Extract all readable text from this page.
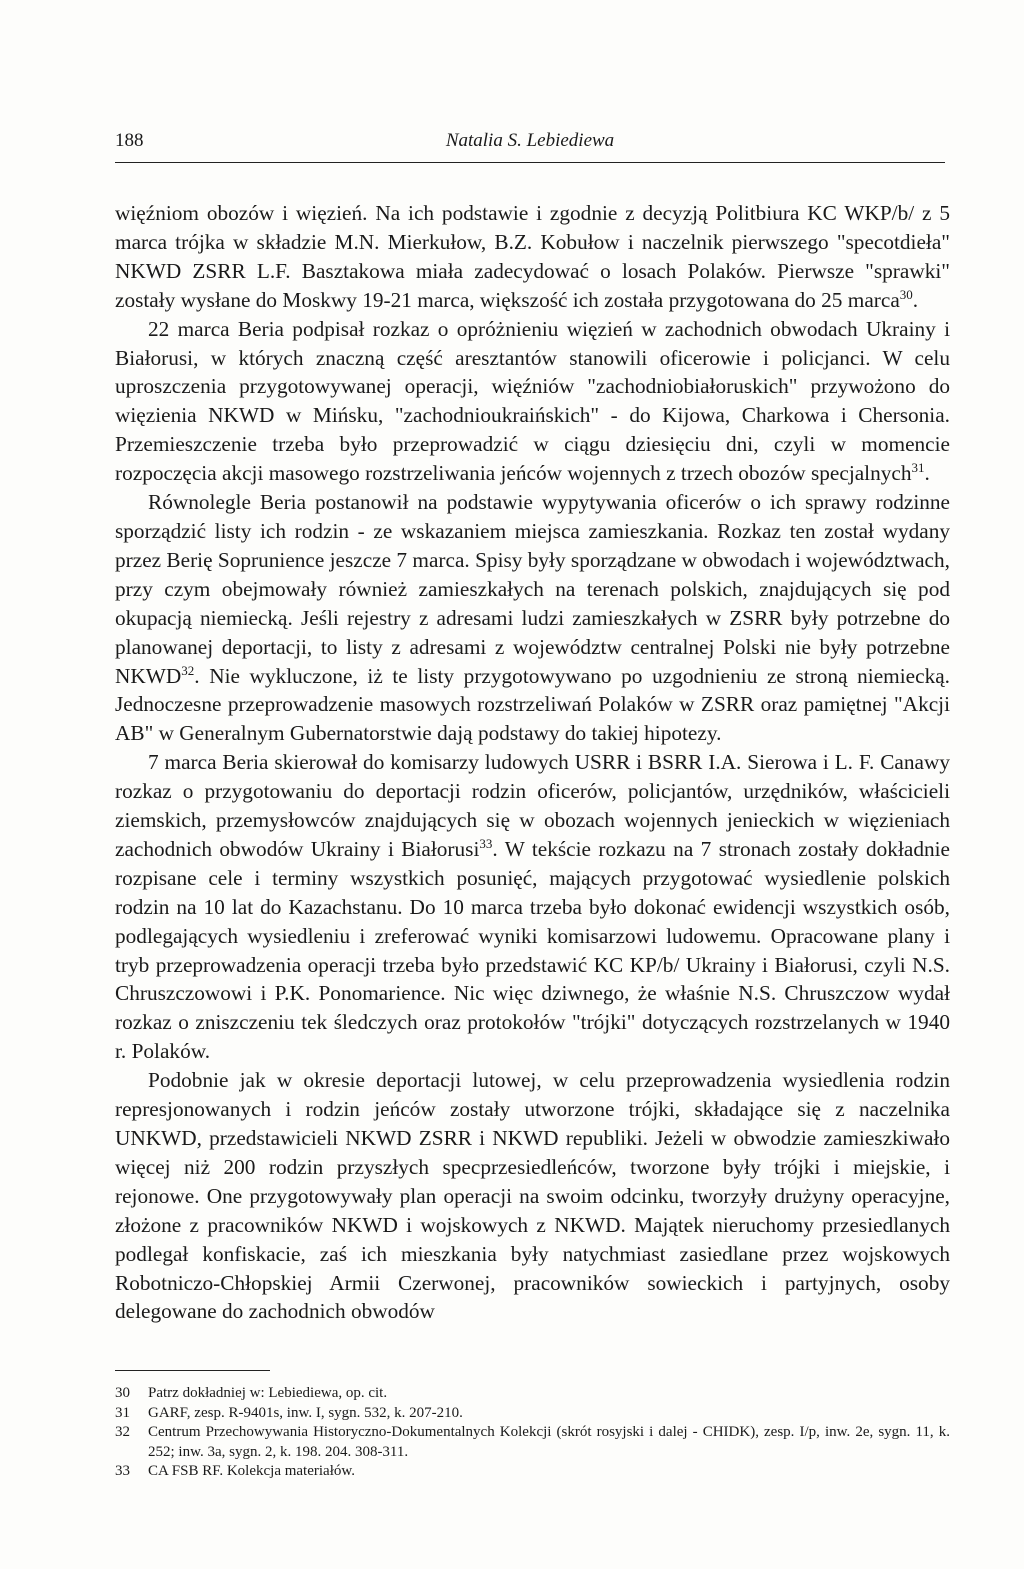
188	Natalia S. Lebiediewa

więźniom obozów i więzień. Na ich podstawie i zgodnie z decyzją Politbiura KC WKP/b/ z 5 marca trójka w składzie M.N. Mierkułow, B.Z. Kobułow i naczelnik pierwszego "specotdieła" NKWD ZSRR L.F. Basztakowa miała zadecydować o losach Polaków. Pierwsze "sprawki" zostały wysłane do Moskwy 19-21 marca, większość ich została przygotowana do 25 marca$^{30}$.

22 marca Beria podpisał rozkaz o opróżnieniu więzień w zachodnich obwodach Ukrainy i Białorusi, w których znaczną część aresztantów stanowili oficerowie i policjanci. W celu uproszczenia przygotowywanej operacji, więźniów "zachodniobiałoruskich" przywożono do więzienia NKWD w Mińsku, "zachodnioukraińskich" - do Kijowa, Charkowa i Chersonia. Przemieszczenie trzeba było przeprowadzić w ciągu dziesięciu dni, czyli w momencie rozpoczęcia akcji masowego rozstrzeliwania jeńców wojennych z trzech obozów specjalnych$^{31}$.

Równolegle Beria postanowił na podstawie wypytywania oficerów o ich sprawy rodzinne sporządzić listy ich rodzin - ze wskazaniem miejsca zamieszkania. Rozkaz ten został wydany przez Berię Soprunience jeszcze 7 marca. Spisy były sporządzane w obwodach i województwach, przy czym obejmowały również zamieszkałych na terenach polskich, znajdujących się pod okupacją niemiecką. Jeśli rejestry z adresami ludzi zamieszkałych w ZSRR były potrzebne do planowanej deportacji, to listy z adresami z województw centralnej Polski nie były potrzebne NKWD$^{32}$. Nie wykluczone, iż te listy przygotowywano po uzgodnieniu ze stroną niemiecką. Jednoczesne przeprowadzenie masowych rozstrzeliwań Polaków w ZSRR oraz pamiętnej "Akcji AB" w Generalnym Gubernatorstwie dają podstawy do takiej hipotezy.

7 marca Beria skierował do komisarzy ludowych USRR i BSRR I.A. Sierowa i L. F. Canawy rozkaz o przygotowaniu do deportacji rodzin oficerów, policjantów, urzędników, właścicieli ziemskich, przemysłowców znajdujących się w obozach wojennych jenieckich w więzieniach zachodnich obwodów Ukrainy i Białorusi$^{33}$. W tekście rozkazu na 7 stronach zostały dokładnie rozpisane cele i terminy wszystkich posunięć, mających przygotować wysiedlenie polskich rodzin na 10 lat do Kazachstanu. Do 10 marca trzeba było dokonać ewidencji wszystkich osób, podlegających wysiedleniu i zreferować wyniki komisarzowi ludowemu. Opracowane plany i tryb przeprowadzenia operacji trzeba było przedstawić KC KP/b/ Ukrainy i Białorusi, czyli N.S. Chruszczowowi i P.K. Ponomarience. Nic więc dziwnego, że właśnie N.S. Chruszczow wydał rozkaz o zniszczeniu tek śledczych oraz protokołów "trójki" dotyczących rozstrzelanych w 1940 r. Polaków.

Podobnie jak w okresie deportacji lutowej, w celu przeprowadzenia wysiedlenia rodzin represjonowanych i rodzin jeńców zostały utworzone trójki, składające się z naczelnika UNKWD, przedstawicieli NKWD ZSRR i NKWD republiki. Jeżeli w obwodzie zamieszkiwało więcej niż 200 rodzin przyszłych specprzesiedleńców, tworzone były trójki i miejskie, i rejonowe. One przygotowywały plan operacji na swoim odcinku, tworzyły drużyny operacyjne, złożone z pracowników NKWD i wojskowych z NKWD. Majątek nieruchomy przesiedlanych podlegał konfiskacie, zaś ich mieszkania były natychmiast zasiedlane przez wojskowych Robotniczo-Chłopskiej Armii Czerwonej, pracowników sowieckich i partyjnych, osoby delegowane do zachodnich obwodów

30	Patrz dokładniej w: Lebiediewa, op. cit.
31	GARF, zesp. R-9401s, inw. I, sygn. 532, k. 207-210.
32	Centrum Przechowywania Historyczno-Dokumentalnych Kolekcji (skrót rosyjski i dalej - CHIDK), zesp. I/p, inw. 2e, sygn. 11, k. 252; inw. 3a, sygn. 2, k. 198. 204. 308-311.
33	CA FSB RF. Kolekcja materiałów.
